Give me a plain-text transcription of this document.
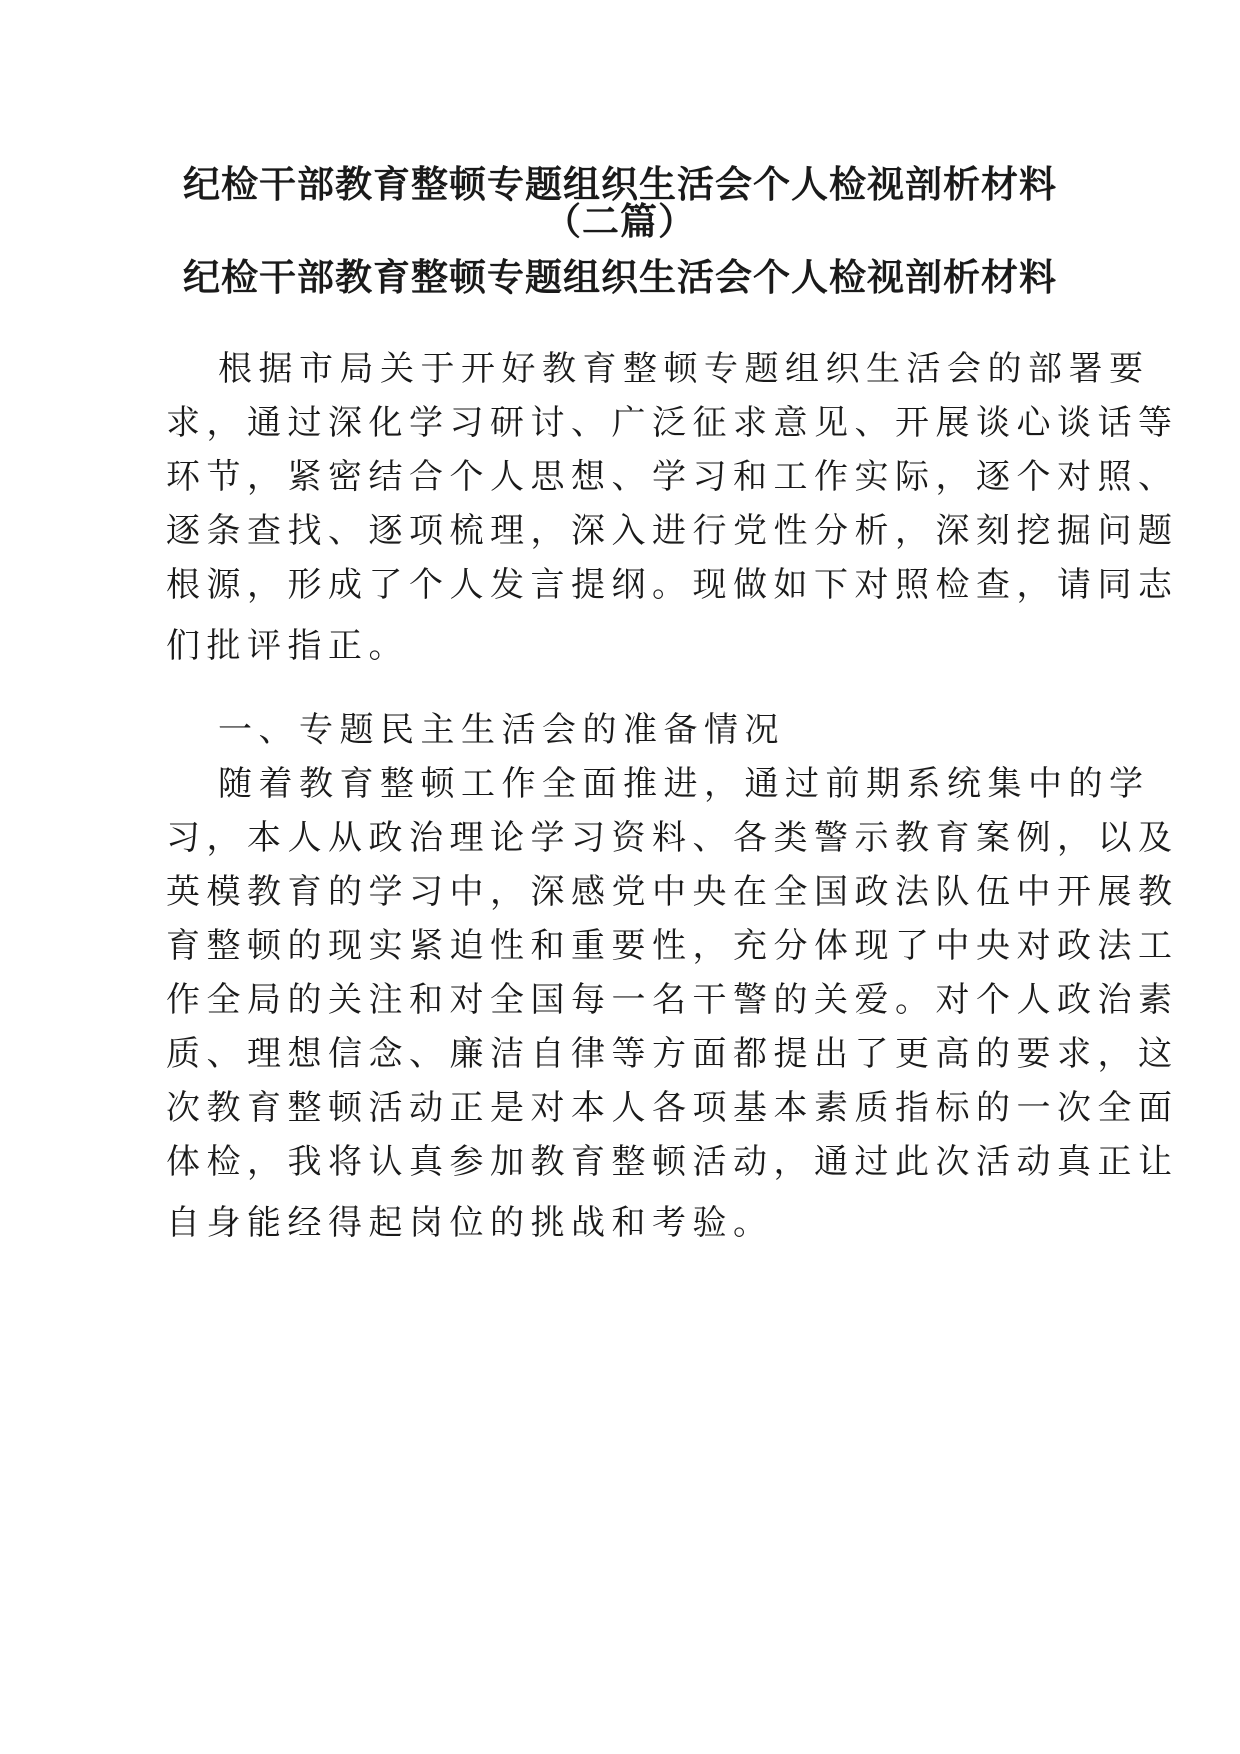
纪检干部教育整顿专题组织生活会个人检视剖析材料
（二篇）
纪检干部教育整顿专题组织生活会个人检视剖析材料
根据市局关于开好教育整顿专题组织生活会的部署要
求，通过深化学习研讨、广泛征求意见、开展谈心谈话等
环节，紧密结合个人思想、学习和工作实际，逐个对照、
逐条查找、逐项梳理，深入进行党性分析，深刻挖掘问题
根源，形成了个人发言提纲。现做如下对照检查，请同志
们批评指正。
一、专题民主生活会的准备情况
随着教育整顿工作全面推进，通过前期系统集中的学
习，本人从政治理论学习资料、各类警示教育案例，以及
英模教育的学习中，深感党中央在全国政法队伍中开展教
育整顿的现实紧迫性和重要性，充分体现了中央对政法工
作全局的关注和对全国每一名干警的关爱。对个人政治素
质、理想信念、廉洁自律等方面都提出了更高的要求，这
次教育整顿活动正是对本人各项基本素质指标的一次全面
体检，我将认真参加教育整顿活动，通过此次活动真正让
自身能经得起岗位的挑战和考验。
